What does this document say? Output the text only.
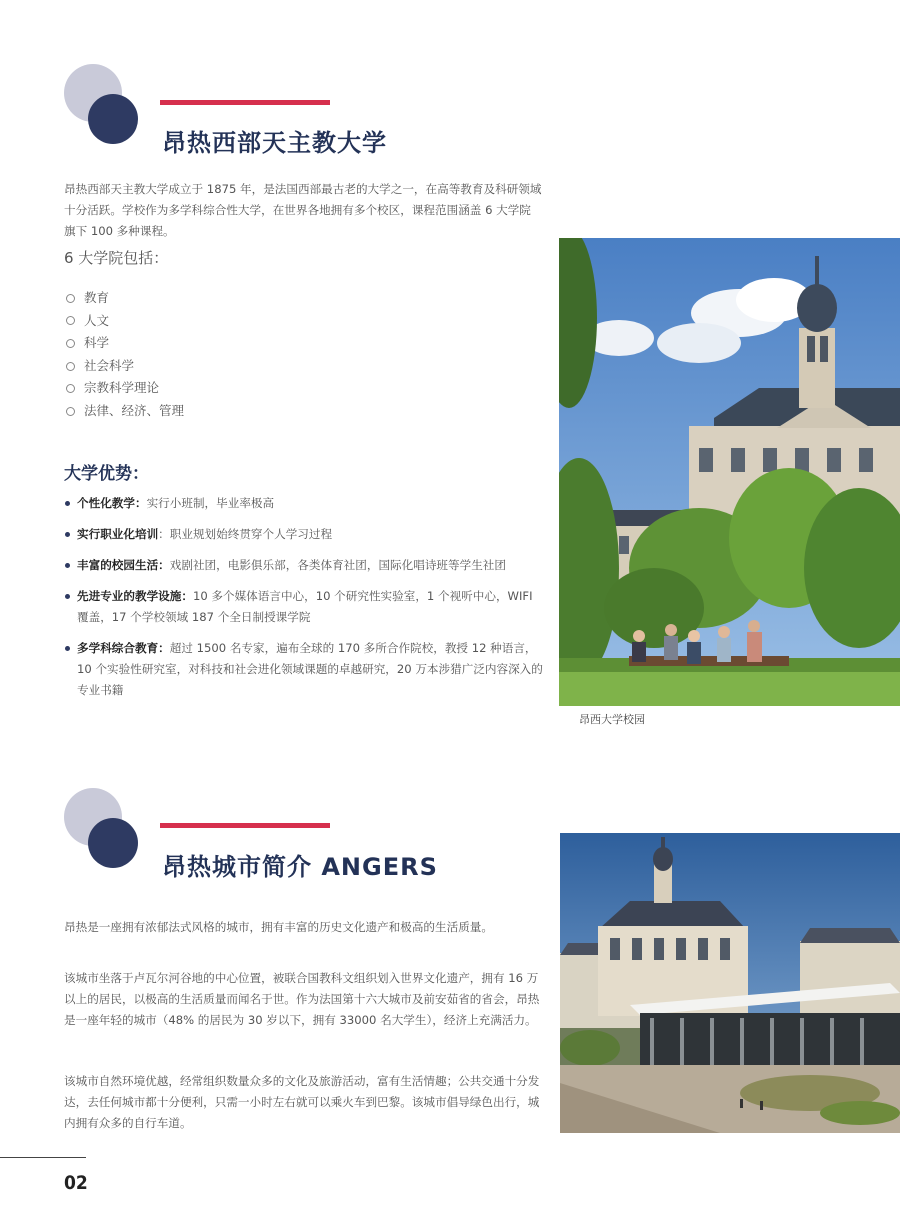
昂热西部天主教大学

昂热西部天主教大学成立于 1875 年，是法国西部最古老的大学之一，在高等教育及科研领域十分活跃。学校作为多学科综合性大学，在世界各地拥有多个校区，课程范围涵盖 6 大学院旗下 100 多种课程。

6 大学院包括：

教育
人文
科学
社会科学
宗教科学理论
法律、经济、管理
大学优势：
个性化教学：实行小班制，毕业率极高
实行职业化培训：职业规划始终贯穿个人学习过程
丰富的校园生活：戏剧社团，电影俱乐部，各类体育社团，国际化唱诗班等学生社团
先进专业的教学设施：10 多个媒体语言中心，10 个研究性实验室，1 个视听中心，WIFI 覆盖，17 个学校领域 187 个全日制授课学院
多学科综合教育：超过 1500 名专家，遍布全球的 170 多所合作院校，教授 12 种语言，10 个实验性研究室，对科技和社会进化领域课题的卓越研究，20 万本涉猎广泛内容深入的专业书籍

昂西大学校园

昂热城市简介 ANGERS

昂热是一座拥有浓郁法式风格的城市，拥有丰富的历史文化遗产和极高的生活质量。

该城市坐落于卢瓦尔河谷地的中心位置，被联合国教科文组织划入世界文化遗产，拥有 16 万以上的居民，以极高的生活质量而闻名于世。作为法国第十六大城市及前安茹省的省会，昂热是一座年轻的城市（48% 的居民为 30 岁以下，拥有 33000 名大学生），经济上充满活力。

该城市自然环境优越，经常组织数量众多的文化及旅游活动，富有生活情趣；公共交通十分发达，去任何城市都十分便利，只需一小时左右就可以乘火车到巴黎。该城市倡导绿色出行，城内拥有众多的自行车道。

02
